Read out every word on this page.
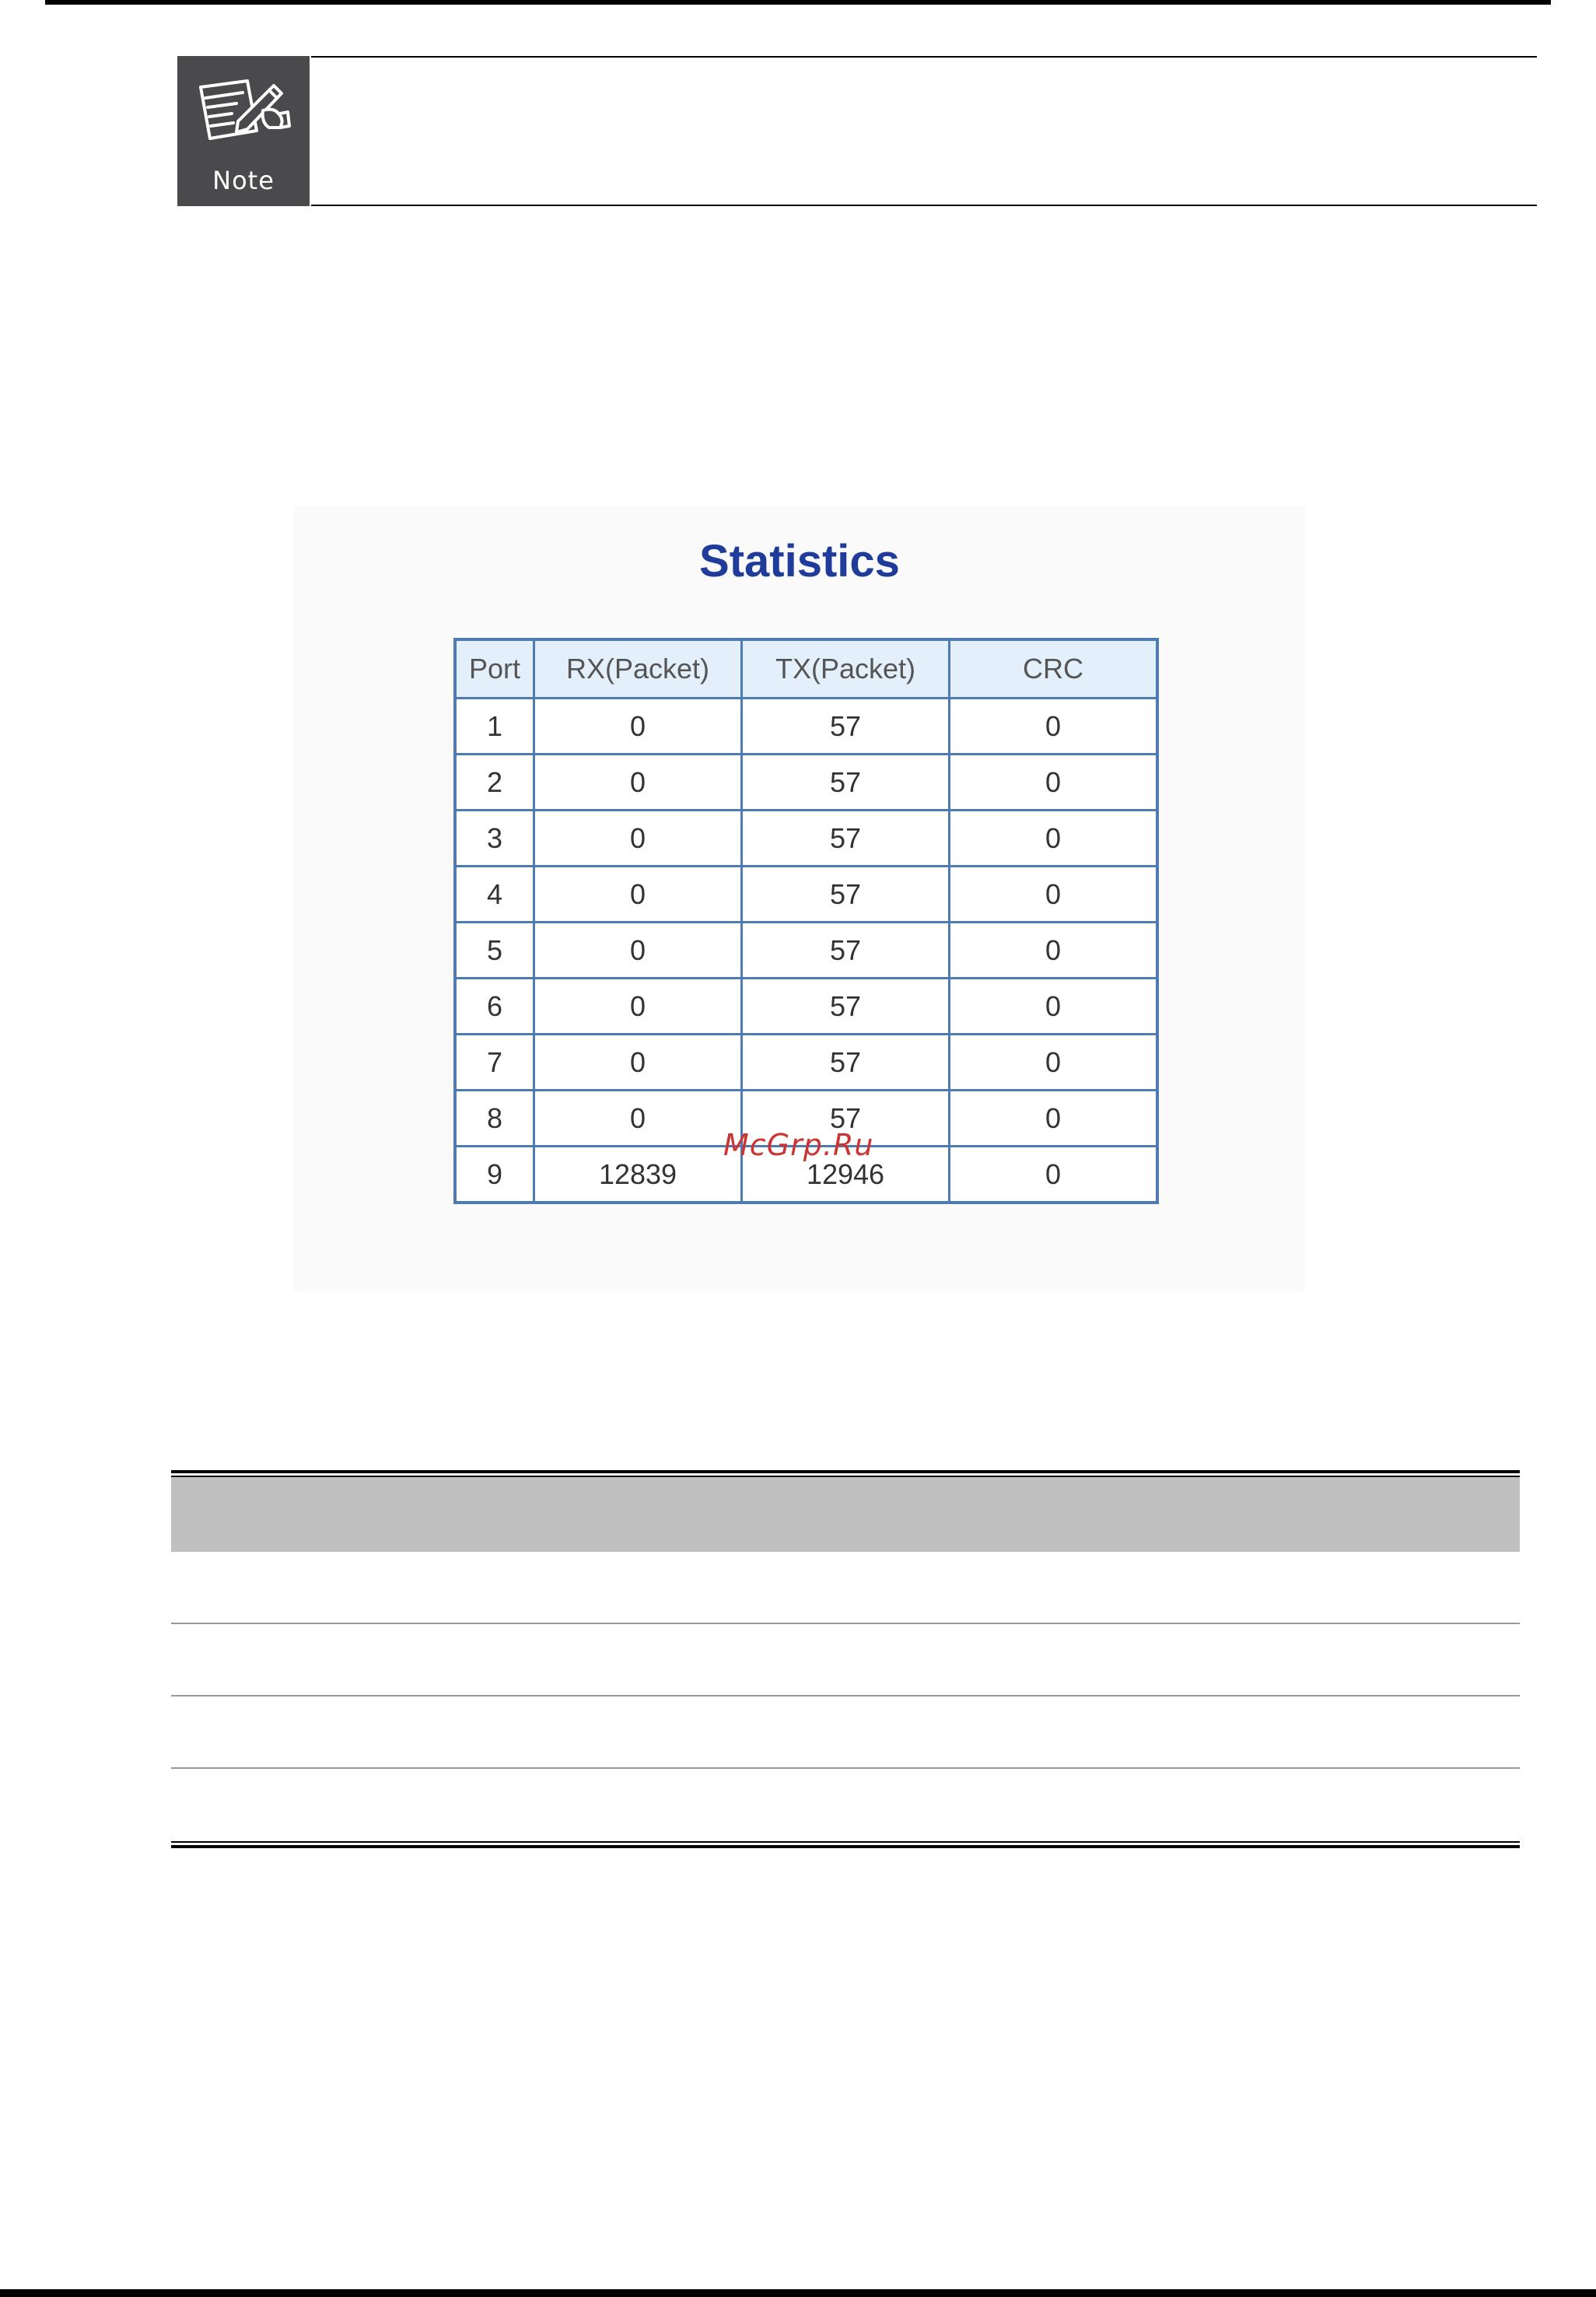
Note
Statistics
Port	RX(Packet)	TX(Packet)	CRC
1	0	57	0
2	0	57	0
3	0	57	0
4	0	57	0
5	0	57	0
6	0	57	0
7	0	57	0
8	0	57	0
9	12839	12946	0
McGrp.Ru
